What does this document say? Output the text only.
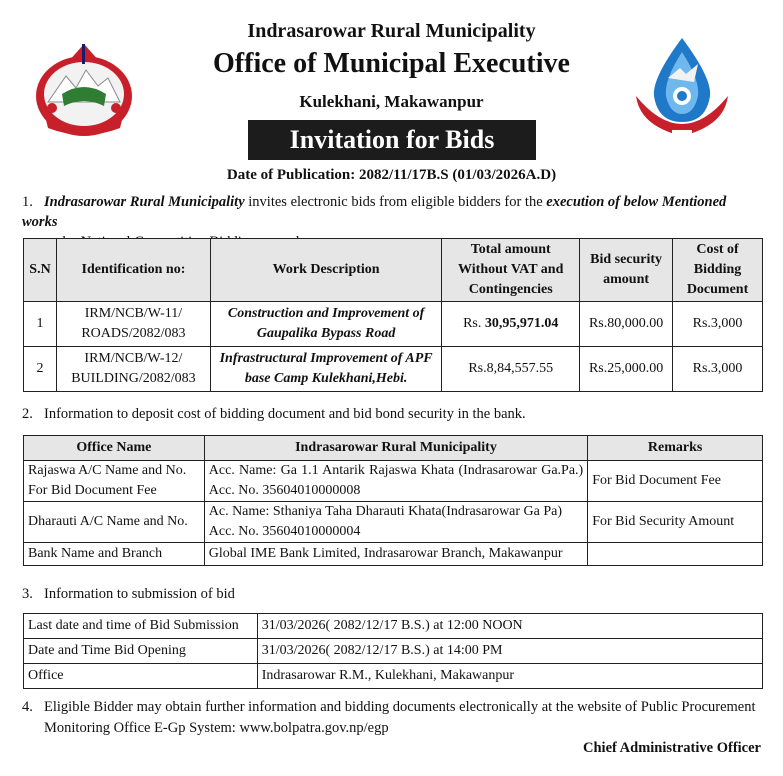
Indrasarowar Rural Municipality
Office of Municipal Executive
Kulekhani, Makawanpur
Invitation for Bids
Date of Publication: 2082/11/17B.S (01/03/2026A.D)
1. Indrasarowar Rural Municipality invites electronic bids from eligible bidders for the execution of below Mentioned works

S.N	Identification no:	Work Description	Total amount Without VAT and Contingencies	Bid security amount	Cost of Bidding Document
1	IRM/NCB/W-11/ ROADS/2082/083	Construction and Improvement of Gaupalika Bypass Road	Rs. 30,95,971.04	Rs.80,000.00	Rs.3,000
2	IRM/NCB/W-12/ BUILDING/2082/083	Infrastructural Improvement of APF base Camp Kulekhani,Hebi.	Rs.8,84,557.55	Rs.25,000.00	Rs.3,000
2. Information to deposit cost of bidding document and bid bond security in the bank.
Office Name	Indrasarowar Rural Municipality	Remarks
Rajaswa A/C Name and No. For Bid Document Fee	Acc. Name: Ga 1.1 Antarik Rajaswa Khata (Indrasarowar Ga.Pa.) Acc. No. 35604010000008	For Bid Document Fee
Dharauti A/C Name and No.	Ac. Name: Sthaniya Taha Dharauti Khata(Indrasarowar Ga Pa) Acc. No. 35604010000004	For Bid Security Amount
Bank Name and Branch	Global IME Bank Limited, Indrasarowar Branch, Makawanpur	
3. Information to submission of bid
Last date and time of Bid Submission	31/03/2026( 2082/12/17 B.S.) at 12:00 NOON
Date and Time Bid Opening	31/03/2026( 2082/12/17 B.S.) at 14:00 PM
Office	Indrasarowar R.M., Kulekhani, Makawanpur
4. Eligible Bidder may obtain further information and bidding documents electronically at the website of Public Procurement
Monitoring Office E-Gp System: www.bolpatra.gov.np/egp
Chief Administrative Officer
